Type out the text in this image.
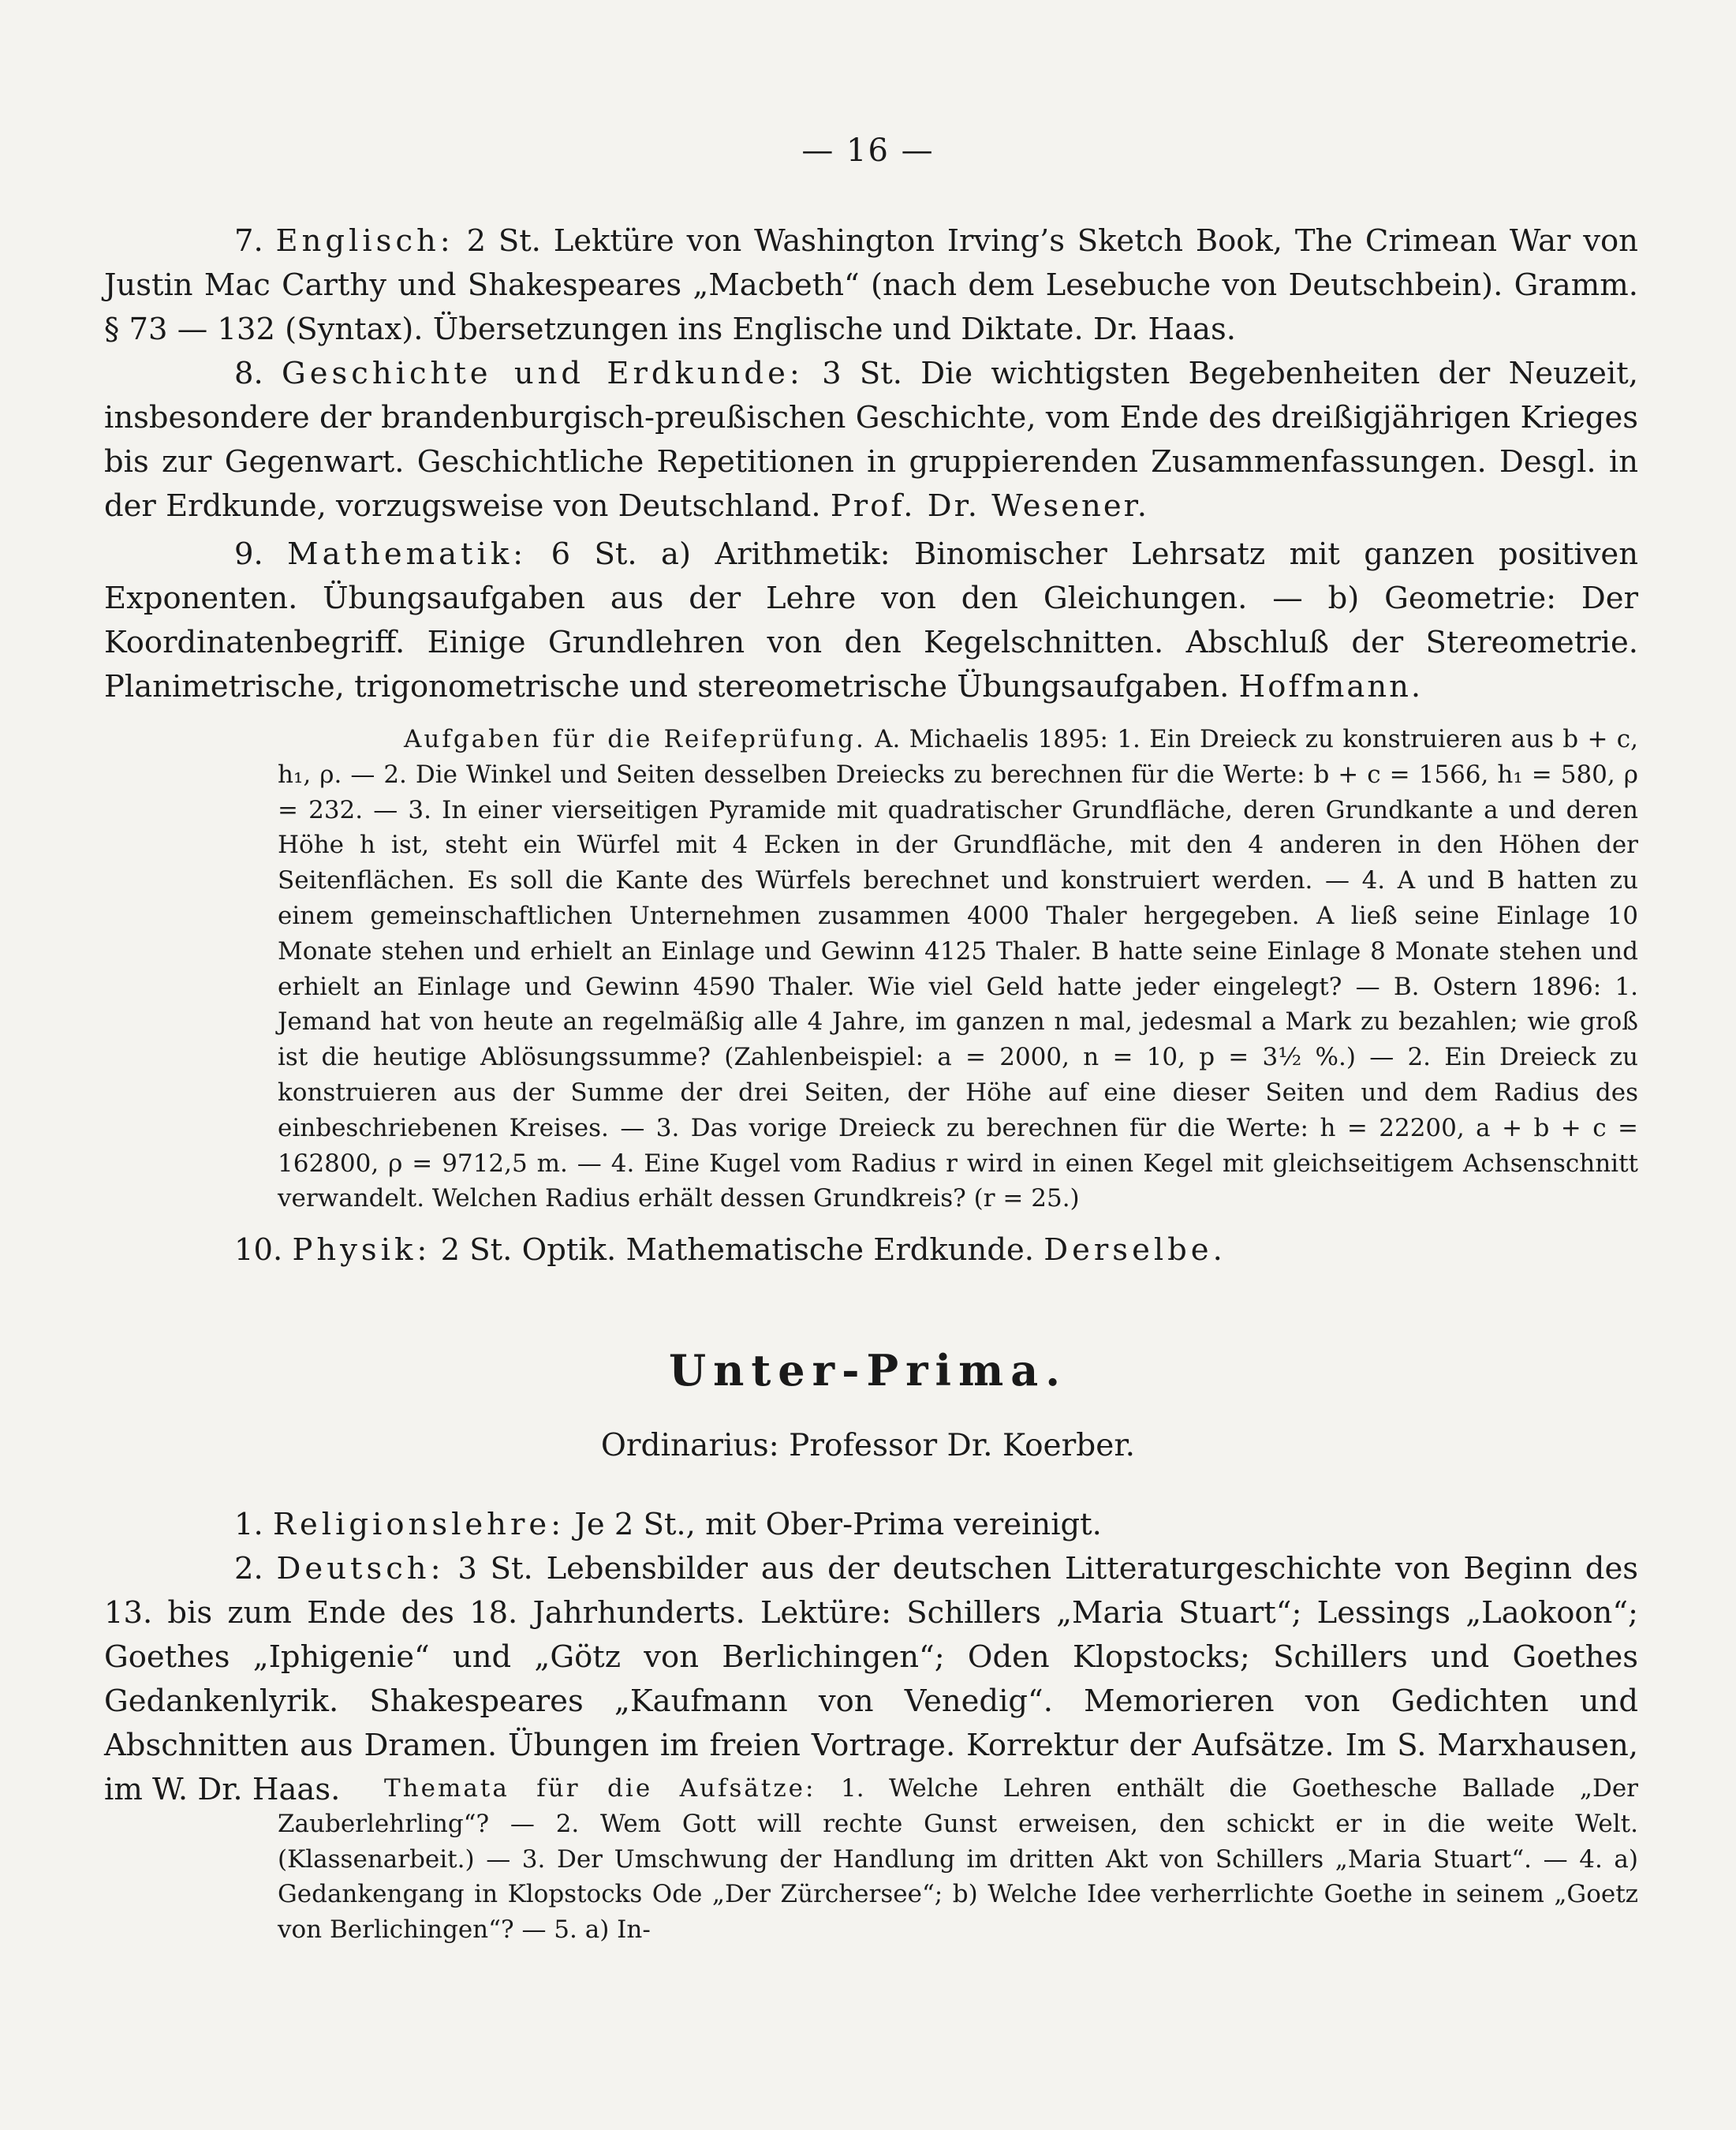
— 16 —
7. Englisch: 2 St. Lektüre von Washington Irving’s Sketch Book, The Crimean War von Justin Mac Carthy und Shakespeares „Macbeth“ (nach dem Lesebuche von Deutschbein). Gramm. § 73 — 132 (Syntax). Übersetzungen ins Englische und Diktate. Dr. Haas.
8. Geschichte und Erdkunde: 3 St. Die wichtigsten Begebenheiten der Neuzeit, insbesondere der brandenburgisch-preußischen Geschichte, vom Ende des dreißigjährigen Krieges bis zur Gegenwart. Geschichtliche Repetitionen in gruppierenden Zusammenfassungen. Desgl. in der Erdkunde, vorzugsweise von Deutschland. Prof. Dr. Wesener.
9. Mathematik: 6 St. a) Arithmetik: Binomischer Lehrsatz mit ganzen positiven Exponenten. Übungsaufgaben aus der Lehre von den Gleichungen. — b) Geometrie: Der Koordinatenbegriff. Einige Grundlehren von den Kegelschnitten. Abschluß der Stereometrie. Planimetrische, trigonometrische und stereometrische Übungsaufgaben. Hoffmann.
Aufgaben für die Reifeprüfung. A. Michaelis 1895: 1. Ein Dreieck zu konstruieren aus b + c, h₁, ρ. — 2. Die Winkel und Seiten desselben Dreiecks zu berechnen für die Werte: b + c = 1566, h₁ = 580, ρ = 232. — 3. In einer vierseitigen Pyramide mit quadratischer Grundfläche, deren Grundkante a und deren Höhe h ist, steht ein Würfel mit 4 Ecken in der Grundfläche, mit den 4 anderen in den Höhen der Seitenflächen. Es soll die Kante des Würfels berechnet und konstruiert werden. — 4. A und B hatten zu einem gemeinschaftlichen Unternehmen zusammen 4000 Thaler hergegeben. A ließ seine Einlage 10 Monate stehen und erhielt an Einlage und Gewinn 4125 Thaler. B hatte seine Einlage 8 Monate stehen und erhielt an Einlage und Gewinn 4590 Thaler. Wie viel Geld hatte jeder eingelegt? — B. Ostern 1896: 1. Jemand hat von heute an regelmäßig alle 4 Jahre, im ganzen n mal, jedesmal a Mark zu bezahlen; wie groß ist die heutige Ablösungssumme? (Zahlenbeispiel: a = 2000, n = 10, p = 3½ %.) — 2. Ein Dreieck zu konstruieren aus der Summe der drei Seiten, der Höhe auf eine dieser Seiten und dem Radius des einbeschriebenen Kreises. — 3. Das vorige Dreieck zu berechnen für die Werte: h = 22200, a + b + c = 162800, ρ = 9712,5 m. — 4. Eine Kugel vom Radius r wird in einen Kegel mit gleichseitigem Achsenschnitt verwandelt. Welchen Radius erhält dessen Grundkreis? (r = 25.)
10. Physik: 2 St. Optik. Mathematische Erdkunde. Derselbe.
Unter-Prima.
Ordinarius: Professor Dr. Koerber.
1. Religionslehre: Je 2 St., mit Ober-Prima vereinigt.
2. Deutsch: 3 St. Lebensbilder aus der deutschen Litteraturgeschichte von Beginn des 13. bis zum Ende des 18. Jahrhunderts. Lektüre: Schillers „Maria Stuart“; Lessings „Laokoon“; Goethes „Iphigenie“ und „Götz von Berlichingen“; Oden Klopstocks; Schillers und Goethes Gedankenlyrik. Shakespeares „Kaufmann von Venedig“. Memorieren von Gedichten und Abschnitten aus Dramen. Übungen im freien Vortrage. Korrektur der Aufsätze. Im S. Marxhausen, im W. Dr. Haas.	Themata für die Aufsätze: 1. Welche Lehren enthält die Goethesche Ballade „Der Zauberlehrling“? — 2. Wem Gott will rechte Gunst erweisen, den schickt er in die weite Welt. (Klassenarbeit.) — 3. Der Umschwung der Handlung im dritten Akt von Schillers „Maria Stuart“. — 4. a) Gedankengang in Klopstocks Ode „Der Zürchersee“; b) Welche Idee verherrlichte Goethe in seinem „Goetz von Berlichingen“? — 5. a) In-
